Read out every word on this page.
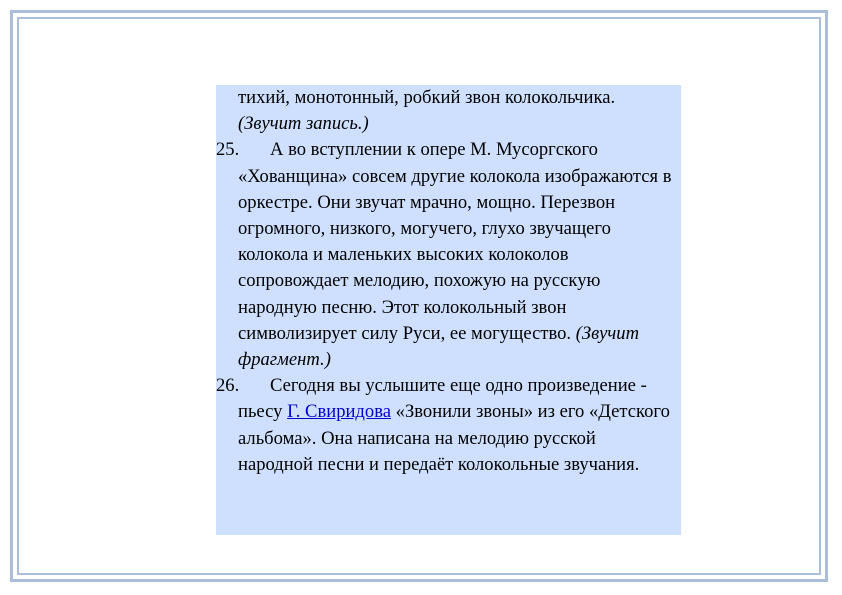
тихий, монотонный, робкий звон колокольчика. (Звучит запись.)

25. А во вступлении к опере М. Мусоргского «Хованщина» совсем другие колокола изображаются в оркестре. Они звучат мрачно, мощно. Перезвон огромного, низкого, могучего, глухо звучащего колокола и маленьких высоких колоколов сопровождает мелодию, похожую на русскую народную песню. Этот колокольный звон символизирует силу Руси, ее могущество. (Звучит фрагмент.)

26. Сегодня вы услышите еще одно произведение - пьесу Г. Свиридова «Звонили звоны» из его «Детского альбома». Она написана на мелодию русской народной песни и передаёт колокольные звучания.
